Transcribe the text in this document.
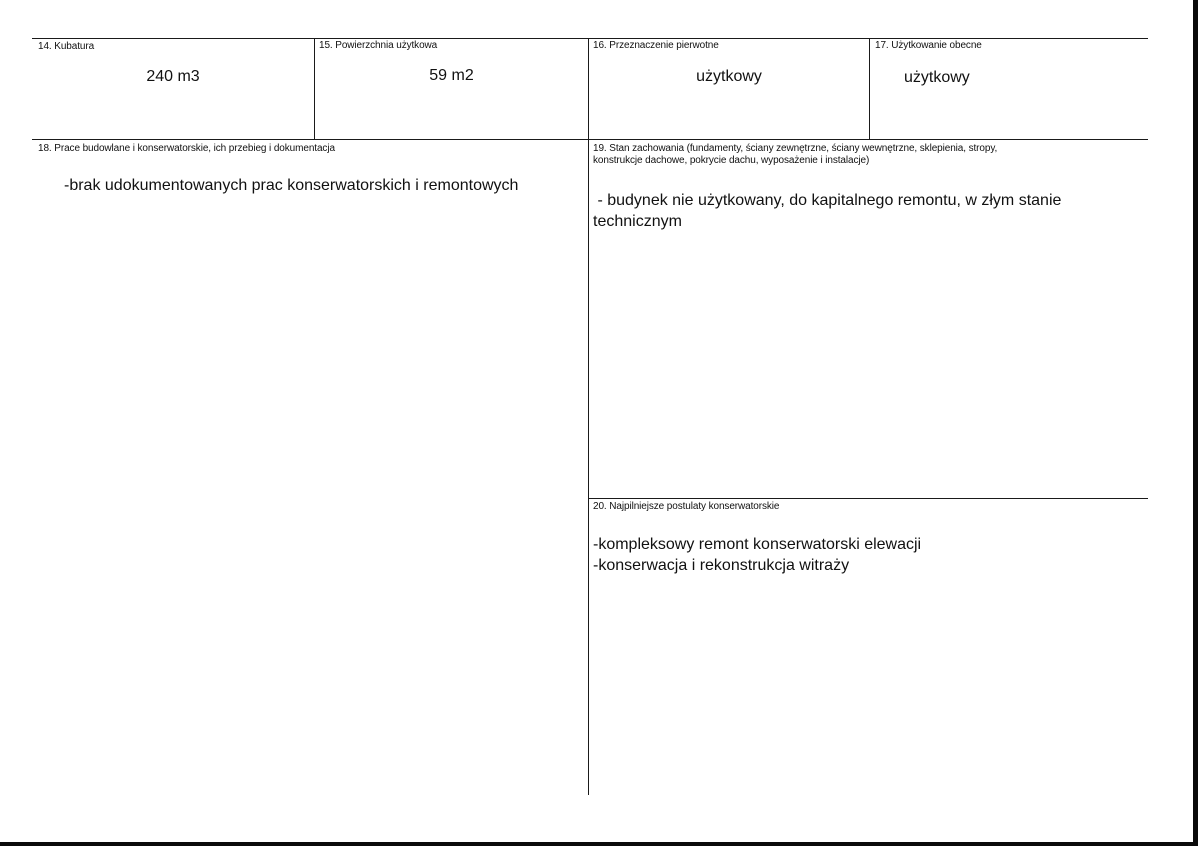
14. Kubatura
240 m3
15. Powierzchnia użytkowa
59 m2
16. Przeznaczenie pierwotne
użytkowy
17. Użytkowanie obecne
użytkowy
18. Prace budowlane i konserwatorskie, ich przebieg i dokumentacja
-brak udokumentowanych prac konserwatorskich i remontowych
19. Stan zachowania (fundamenty, ściany zewnętrzne, ściany wewnętrzne, sklepienia, stropy,
konstrukcje dachowe, pokrycie dachu, wyposażenie i instalacje)
- budynek nie użytkowany, do kapitalnego remontu, w złym stanie
technicznym
20. Najpilniejsze postulaty konserwatorskie
-kompleksowy remont konserwatorski elewacji
-konserwacja i rekonstrukcja witraży
